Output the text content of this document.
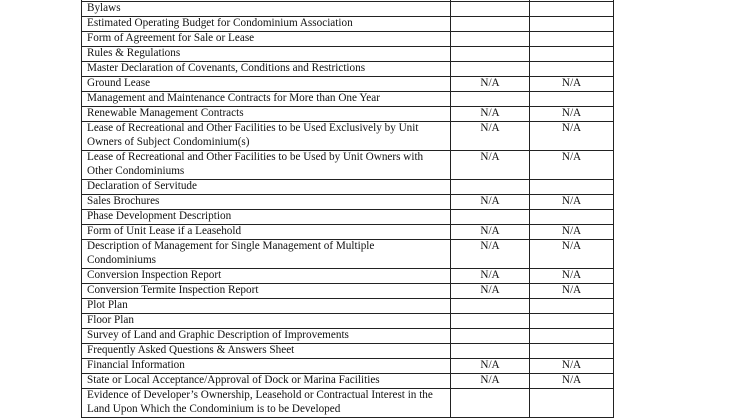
Bylaws		
Estimated Operating Budget for Condominium Association		
Form of Agreement for Sale or Lease		
Rules & Regulations		
Master Declaration of Covenants, Conditions and Restrictions		
Ground Lease	N/A	N/A
Management and Maintenance Contracts for More than One Year		
Renewable Management Contracts	N/A	N/A
Lease of Recreational and Other Facilities to be Used Exclusively by Unit Owners of Subject Condominium(s)	N/A	N/A
Lease of Recreational and Other Facilities to be Used by Unit Owners with Other Condominiums	N/A	N/A
Declaration of Servitude		
Sales Brochures	N/A	N/A
Phase Development Description		
Form of Unit Lease if a Leasehold	N/A	N/A
Description of Management for Single Management of Multiple Condominiums	N/A	N/A
Conversion Inspection Report	N/A	N/A
Conversion Termite Inspection Report	N/A	N/A
Plot Plan		
Floor Plan		
Survey of Land and Graphic Description of Improvements		
Frequently Asked Questions & Answers Sheet		
Financial Information	N/A	N/A
State or Local Acceptance/Approval of Dock or Marina Facilities	N/A	N/A
Evidence of Developer’s Ownership, Leasehold or Contractual Interest in the Land Upon Which the Condominium is to be Developed		
